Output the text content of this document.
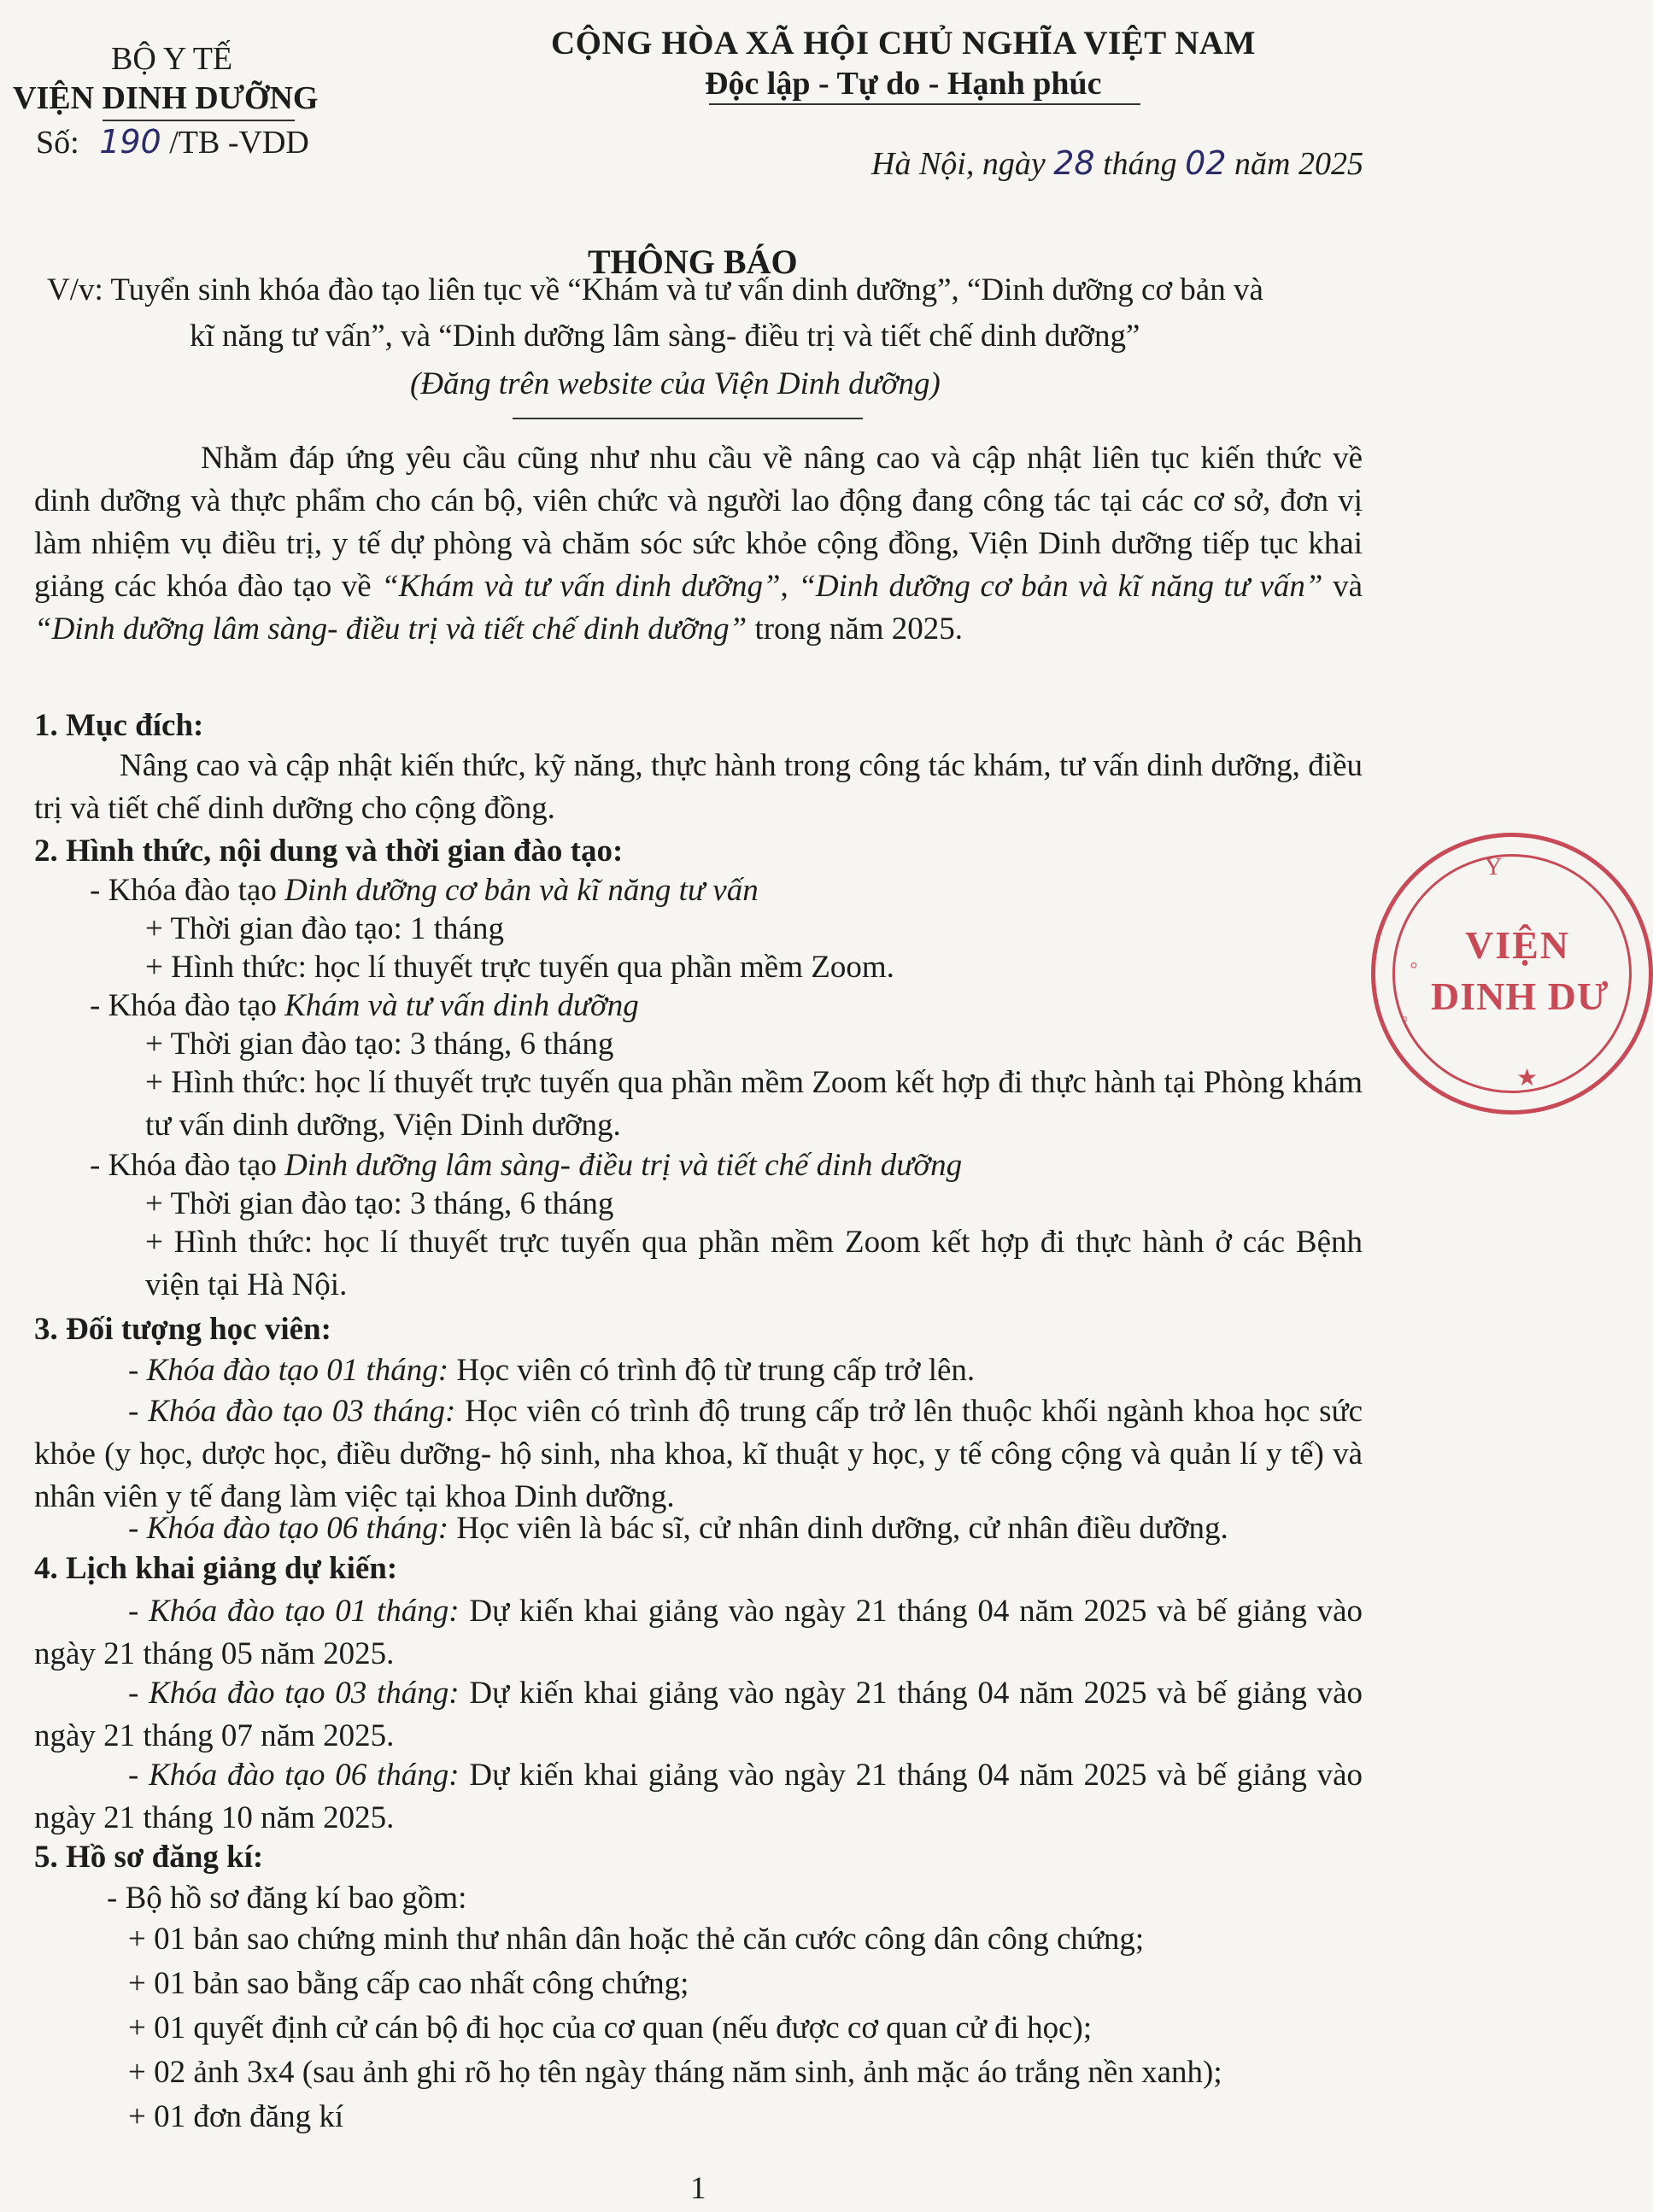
BỘ Y TẾ
VIỆN DINH DƯỠNG
Số: 190 /TB -VDD
CỘNG HÒA XÃ HỘI CHỦ NGHĨA VIỆT NAM
Độc lập - Tự do - Hạnh phúc
Hà Nội, ngày 28 tháng 02 năm 2025
THÔNG BÁO
V/v: Tuyển sinh khóa đào tạo liên tục về “Khám và tư vấn dinh dưỡng”, “Dinh dưỡng cơ bản và
kĩ năng tư vấn”, và “Dinh dưỡng lâm sàng- điều trị và tiết chế dinh dưỡng”
(Đăng trên website của Viện Dinh dưỡng)
Nhằm đáp ứng yêu cầu cũng như nhu cầu về nâng cao và cập nhật liên tục kiến thức về dinh dưỡng và thực phẩm cho cán bộ, viên chức và người lao động đang công tác tại các cơ sở, đơn vị làm nhiệm vụ điều trị, y tế dự phòng và chăm sóc sức khỏe cộng đồng, Viện Dinh dưỡng tiếp tục khai giảng các khóa đào tạo về “Khám và tư vấn dinh dưỡng”, “Dinh dưỡng cơ bản và kĩ năng tư vấn” và “Dinh dưỡng lâm sàng- điều trị và tiết chế dinh dưỡng” trong năm 2025.
1. Mục đích:
Nâng cao và cập nhật kiến thức, kỹ năng, thực hành trong công tác khám, tư vấn dinh dưỡng, điều trị và tiết chế dinh dưỡng cho cộng đồng.
2. Hình thức, nội dung và thời gian đào tạo:
- Khóa đào tạo Dinh dưỡng cơ bản và kĩ năng tư vấn
+ Thời gian đào tạo: 1 tháng
+ Hình thức: học lí thuyết trực tuyến qua phần mềm Zoom.
- Khóa đào tạo Khám và tư vấn dinh dưỡng
+ Thời gian đào tạo: 3 tháng, 6 tháng
+ Hình thức: học lí thuyết trực tuyến qua phần mềm Zoom kết hợp đi thực hành tại Phòng khám tư vấn dinh dưỡng, Viện Dinh dưỡng.
- Khóa đào tạo Dinh dưỡng lâm sàng- điều trị và tiết chế dinh dưỡng
+ Thời gian đào tạo: 3 tháng, 6 tháng
+ Hình thức: học lí thuyết trực tuyến qua phần mềm Zoom kết hợp đi thực hành ở các Bệnh viện tại Hà Nội.
3. Đối tượng học viên:
- Khóa đào tạo 01 tháng: Học viên có trình độ từ trung cấp trở lên.
- Khóa đào tạo 03 tháng: Học viên có trình độ trung cấp trở lên thuộc khối ngành khoa học sức khỏe (y học, dược học, điều dưỡng- hộ sinh, nha khoa, kĩ thuật y học, y tế công cộng và quản lí y tế) và nhân viên y tế đang làm việc tại khoa Dinh dưỡng.
- Khóa đào tạo 06 tháng: Học viên là bác sĩ, cử nhân dinh dưỡng, cử nhân điều dưỡng.
4. Lịch khai giảng dự kiến:
- Khóa đào tạo 01 tháng: Dự kiến khai giảng vào ngày 21 tháng 04 năm 2025 và bế giảng vào ngày 21 tháng 05 năm 2025.
- Khóa đào tạo 03 tháng: Dự kiến khai giảng vào ngày 21 tháng 04 năm 2025 và bế giảng vào ngày 21 tháng 07 năm 2025.
- Khóa đào tạo 06 tháng: Dự kiến khai giảng vào ngày 21 tháng 04 năm 2025 và bế giảng vào ngày 21 tháng 10 năm 2025.
5. Hồ sơ đăng kí:
- Bộ hồ sơ đăng kí bao gồm:
+ 01 bản sao chứng minh thư nhân dân hoặc thẻ căn cước công dân công chứng;
+ 01 bản sao bằng cấp cao nhất công chứng;
+ 01 quyết định cử cán bộ đi học của cơ quan (nếu được cơ quan cử đi học);
+ 02 ảnh 3x4 (sau ảnh ghi rõ họ tên ngày tháng năm sinh, ảnh mặc áo trắng nền xanh);
+ 01 đơn đăng kí
1
Y
◦
▫
VIỆN
DINH DƯ
★
